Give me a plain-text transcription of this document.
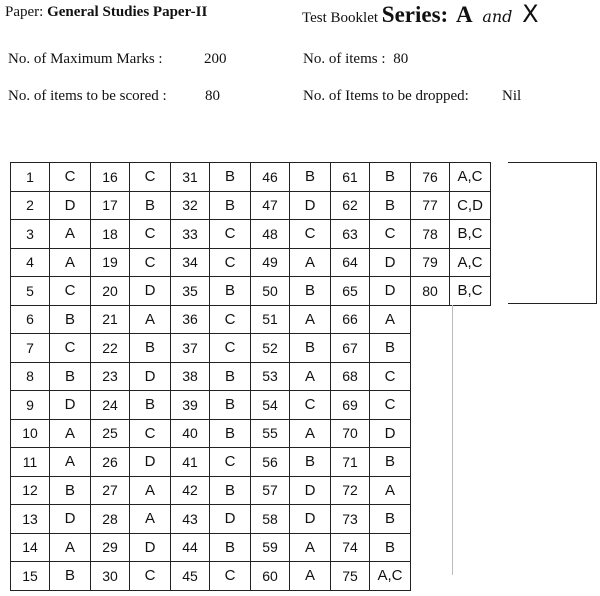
Paper: General Studies Paper-II	Test Booklet Series: A and X
No. of Maximum Marks :	200	No. of items : 80
No. of items to be scored :	80	No. of Items to be dropped: Nil
1	C	16	C	31	B	46	B	61	B	76	A,C
2	D	17	B	32	B	47	D	62	B	77	C,D
3	A	18	C	33	C	48	C	63	C	78	B,C
4	A	19	C	34	C	49	A	64	D	79	A,C
5	C	20	D	35	B	50	B	65	D	80	B,C
6	B	21	A	36	C	51	A	66	A		
7	C	22	B	37	C	52	B	67	B		
8	B	23	D	38	B	53	A	68	C		
9	D	24	B	39	B	54	C	69	C		
10	A	25	C	40	B	55	A	70	D		
11	A	26	D	41	C	56	B	71	B		
12	B	27	A	42	B	57	D	72	A		
13	D	28	A	43	D	58	D	73	B		
14	A	29	D	44	B	59	A	74	B		
15	B	30	C	45	C	60	A	75	A,C		
